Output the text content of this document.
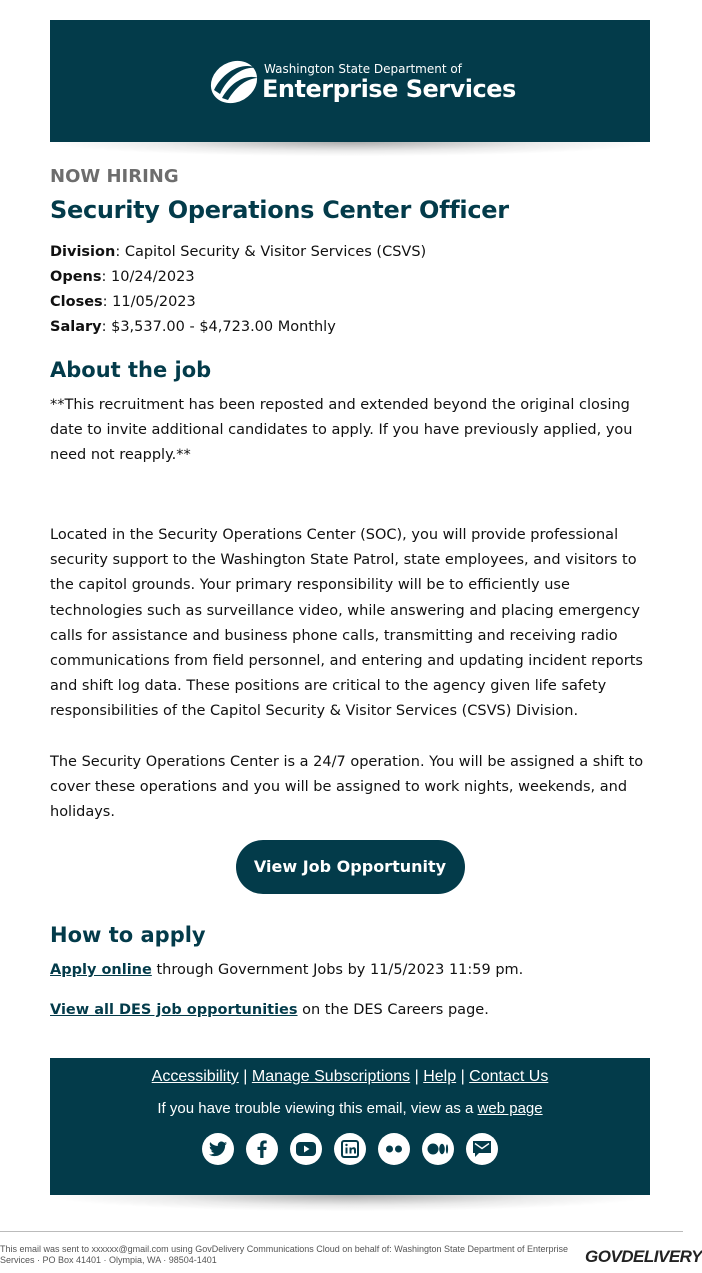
Washington State Department of
Enterprise Services
NOW HIRING
Security Operations Center Officer
Division: Capitol Security & Visitor Services (CSVS)
Opens: 10/24/2023
Closes: 11/05/2023
Salary: $3,537.00 - $4,723.00 Monthly
About the job
**This recruitment has been reposted and extended beyond the original closing date to invite additional candidates to apply. If you have previously applied, you need not reapply.**
Located in the Security Operations Center (SOC), you will provide professional security support to the Washington State Patrol, state employees, and visitors to the capitol grounds. Your primary responsibility will be to efficiently use technologies such as surveillance video, while answering and placing emergency calls for assistance and business phone calls, transmitting and receiving radio communications from field personnel, and entering and updating incident reports and shift log data. These positions are critical to the agency given life safety responsibilities of the Capitol Security & Visitor Services (CSVS) Division.
The Security Operations Center is a 24/7 operation. You will be assigned a shift to cover these operations and you will be assigned to work nights, weekends, and holidays.
View Job Opportunity
How to apply
Apply online through Government Jobs by 11/5/2023 11:59 pm.
View all DES job opportunities on the DES Careers page.
Accessibility | Manage Subscriptions | Help | Contact Us
If you have trouble viewing this email, view as a web page
This email was sent to xxxxxx@gmail.com using GovDelivery Communications Cloud on behalf of: Washington State Department of Enterprise Services · PO Box 41401 · Olympia, WA · 98504-1401	GOVDELIVERY
